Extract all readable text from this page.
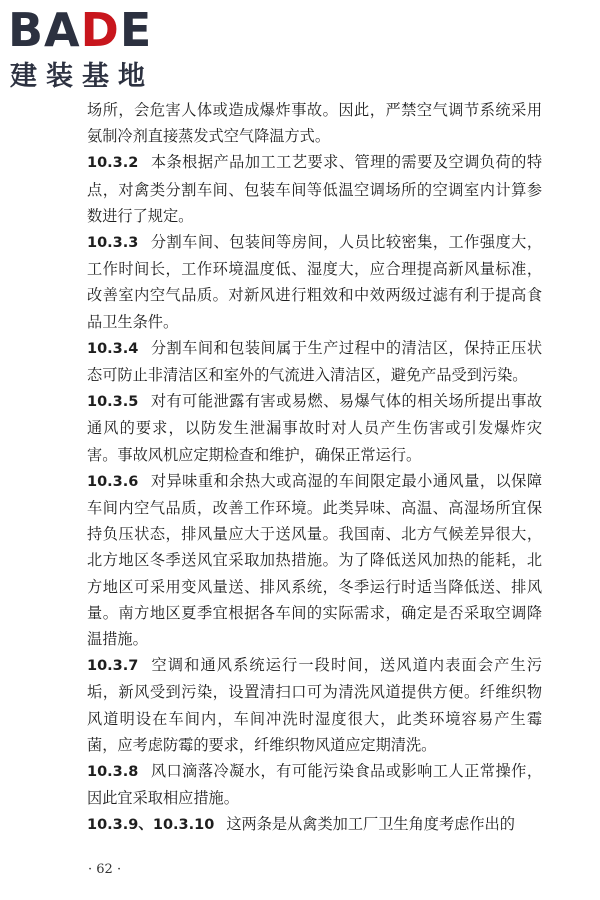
BADE
建装基地

场所，会危害人体或造成爆炸事故。因此，严禁空气调节系统采用氨制冷剂直接蒸发式空气降温方式。

10.3.2 本条根据产品加工工艺要求、管理的需要及空调负荷的特点，对禽类分割车间、包装车间等低温空调场所的空调室内计算参数进行了规定。

10.3.3 分割车间、包装间等房间，人员比较密集，工作强度大，工作时间长，工作环境温度低、湿度大，应合理提高新风量标准，改善室内空气品质。对新风进行粗效和中效两级过滤有利于提高食品卫生条件。

10.3.4 分割车间和包装间属于生产过程中的清洁区，保持正压状态可防止非清洁区和室外的气流进入清洁区，避免产品受到污染。

10.3.5 对有可能泄露有害或易燃、易爆气体的相关场所提出事故通风的要求，以防发生泄漏事故时对人员产生伤害或引发爆炸灾害。事故风机应定期检查和维护，确保正常运行。

10.3.6 对异味重和余热大或高湿的车间限定最小通风量，以保障车间内空气品质，改善工作环境。此类异味、高温、高湿场所宜保持负压状态，排风量应大于送风量。我国南、北方气候差异很大，北方地区冬季送风宜采取加热措施。为了降低送风加热的能耗，北方地区可采用变风量送、排风系统，冬季运行时适当降低送、排风量。南方地区夏季宜根据各车间的实际需求，确定是否采取空调降温措施。

10.3.7 空调和通风系统运行一段时间，送风道内表面会产生污垢，新风受到污染，设置清扫口可为清洗风道提供方便。纤维织物风道明设在车间内，车间冲洗时湿度很大，此类环境容易产生霉菌，应考虑防霉的要求，纤维织物风道应定期清洗。

10.3.8 风口滴落冷凝水，有可能污染食品或影响工人正常操作，因此宜采取相应措施。

10.3.9、10.3.10 这两条是从禽类加工厂卫生角度考虑作出的

· 62 ·
